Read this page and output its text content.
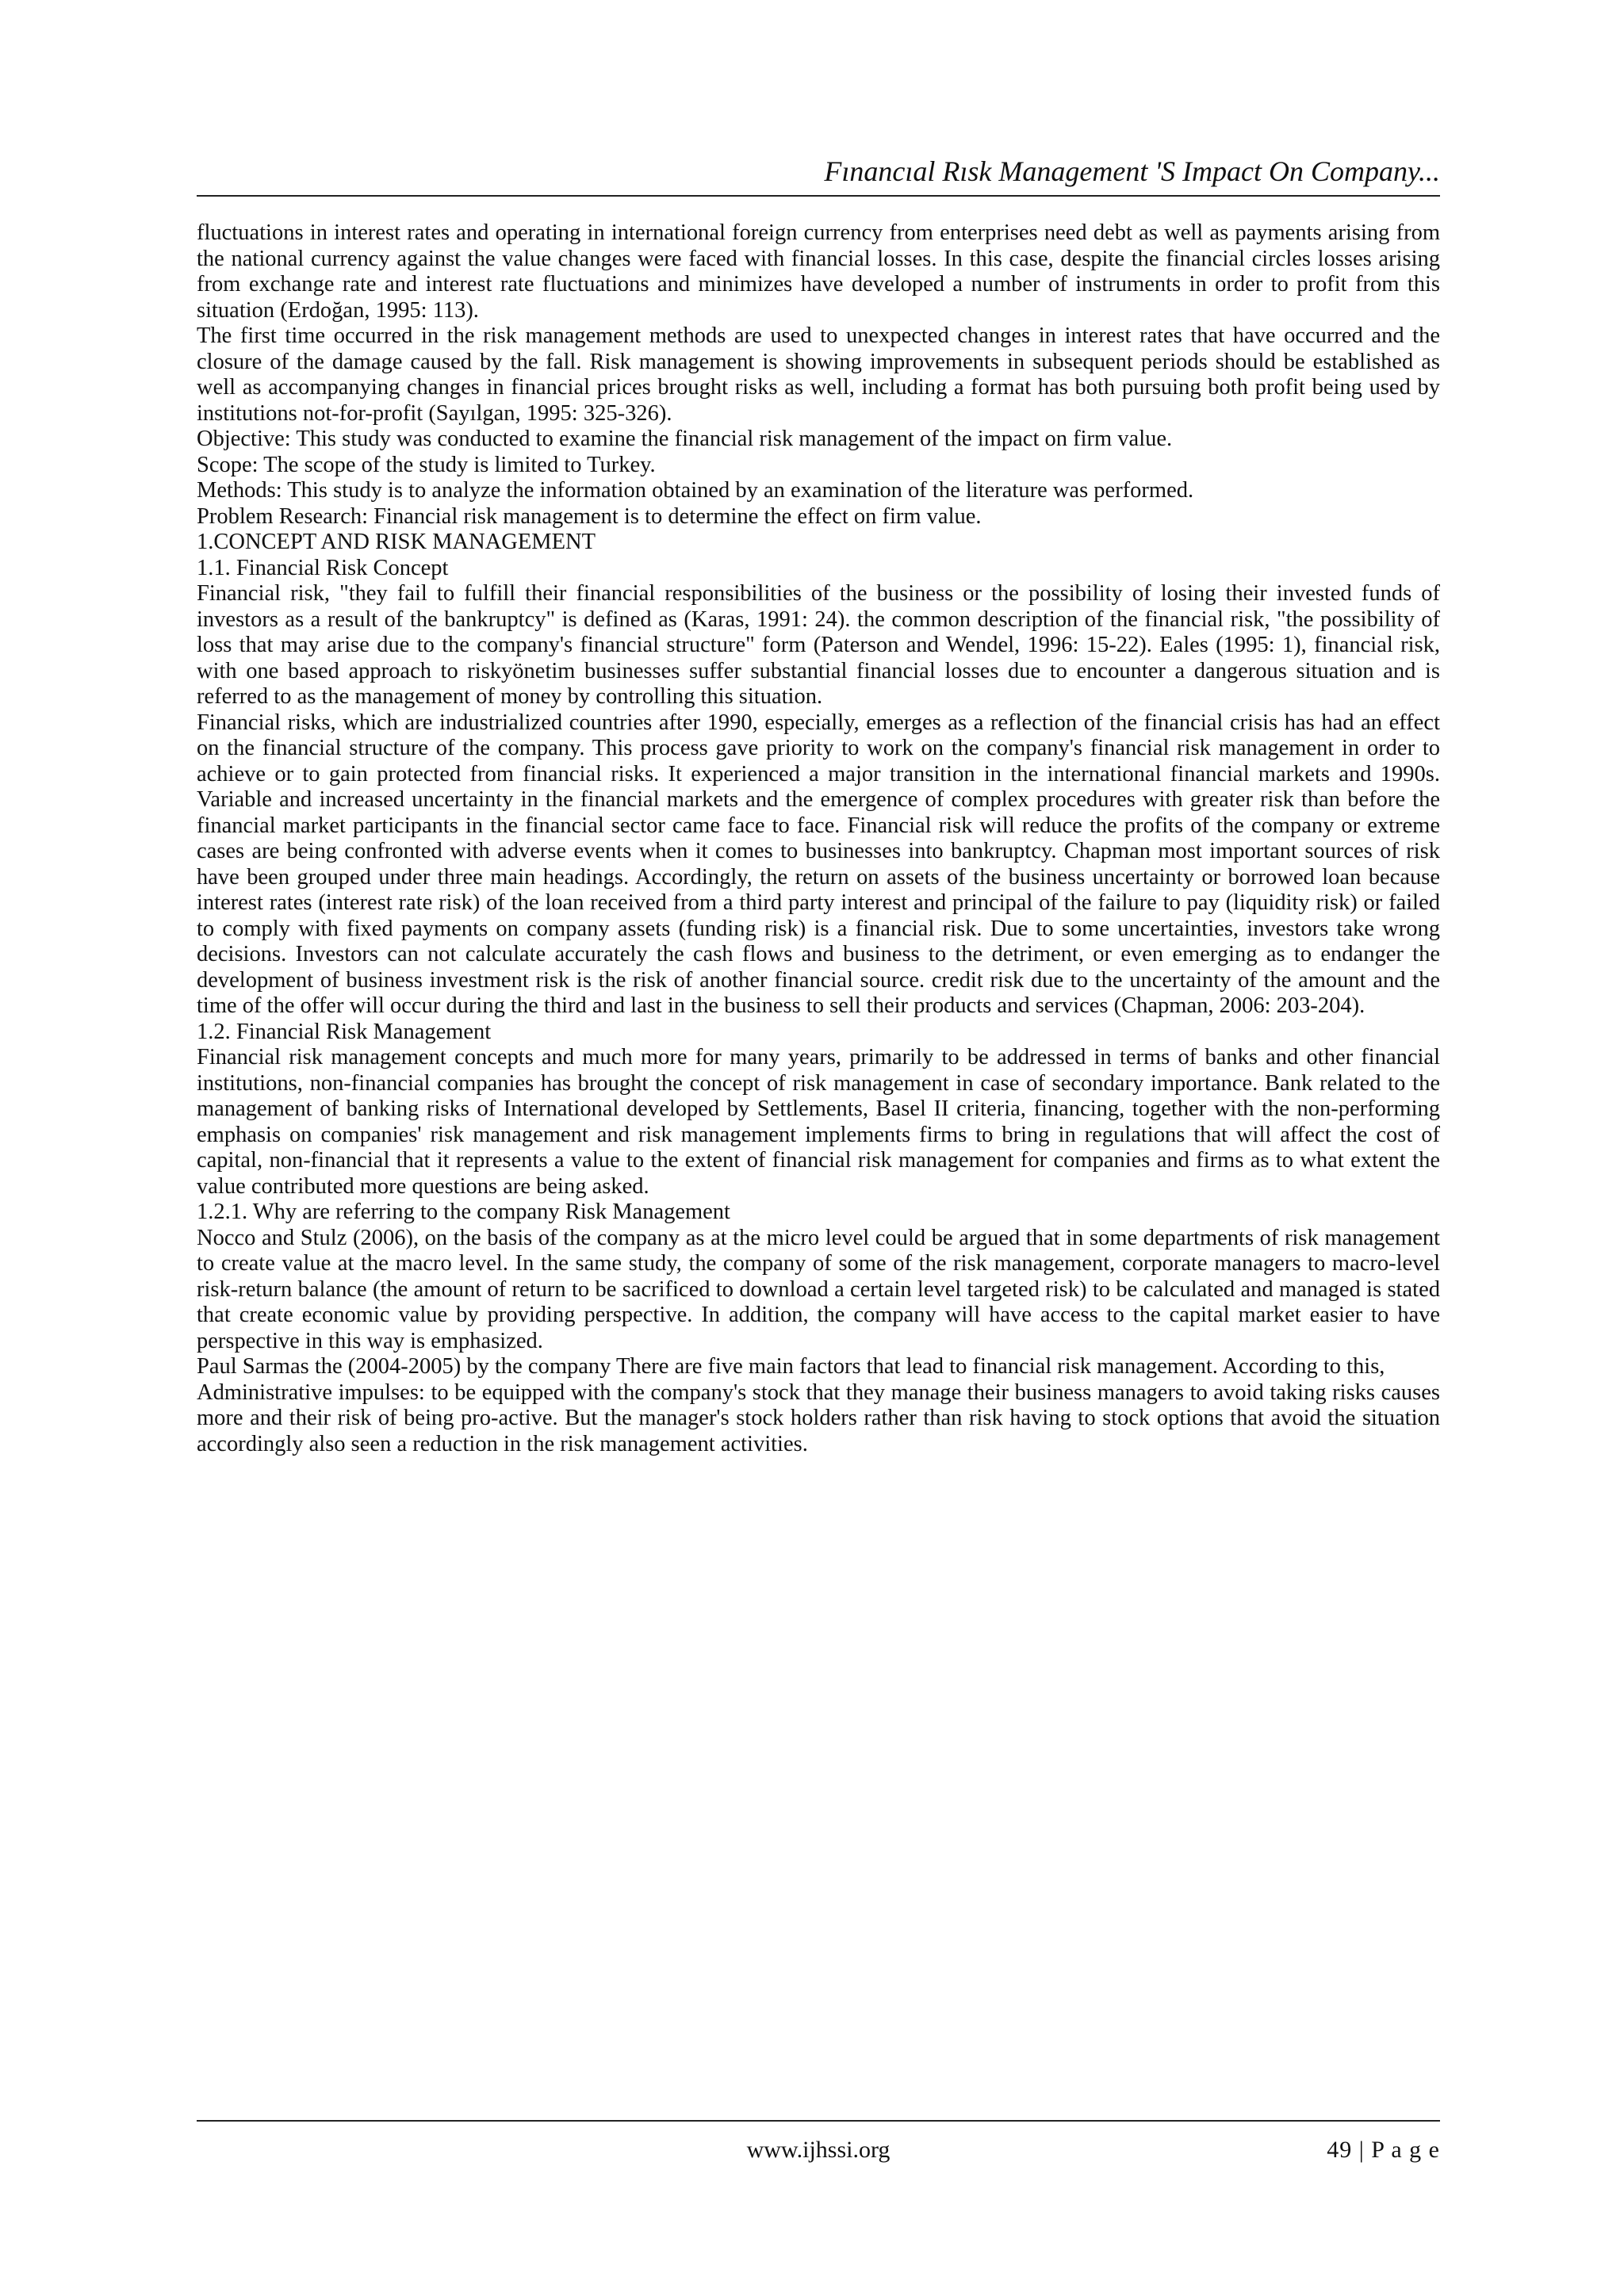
Fınancıal Rısk Management 'S Impact On Company...

fluctuations in interest rates and operating in international foreign currency from enterprises need debt as well as payments arising from the national currency against the value changes were faced with financial losses. In this case, despite the financial circles losses arising from exchange rate and interest rate fluctuations and minimizes have developed a number of instruments in order to profit from this situation (Erdoğan, 1995: 113).

The first time occurred in the risk management methods are used to unexpected changes in interest rates that have occurred and the closure of the damage caused by the fall. Risk management is showing improvements in subsequent periods should be established as well as accompanying changes in financial prices brought risks as well, including a format has both pursuing both profit being used by institutions not-for-profit (Sayılgan, 1995: 325-326).

Objective: This study was conducted to examine the financial risk management of the impact on firm value.

Scope: The scope of the study is limited to Turkey.

Methods: This study is to analyze the information obtained by an examination of the literature was performed.

Problem Research: Financial risk management is to determine the effect on firm value.

1.CONCEPT AND RISK MANAGEMENT

1.1. Financial Risk Concept

Financial risk, "they fail to fulfill their financial responsibilities of the business or the possibility of losing their invested funds of investors as a result of the bankruptcy" is defined as (Karas, 1991: 24). the common description of the financial risk, "the possibility of loss that may arise due to the company's financial structure" form (Paterson and Wendel, 1996: 15-22). Eales (1995: 1), financial risk, with one based approach to riskyönetim businesses suffer substantial financial losses due to encounter a dangerous situation and is referred to as the management of money by controlling this situation.

Financial risks, which are industrialized countries after 1990, especially, emerges as a reflection of the financial crisis has had an effect on the financial structure of the company. This process gave priority to work on the company's financial risk management in order to achieve or to gain protected from financial risks. It experienced a major transition in the international financial markets and 1990s. Variable and increased uncertainty in the financial markets and the emergence of complex procedures with greater risk than before the financial market participants in the financial sector came face to face. Financial risk will reduce the profits of the company or extreme cases are being confronted with adverse events when it comes to businesses into bankruptcy. Chapman most important sources of risk have been grouped under three main headings. Accordingly, the return on assets of the business uncertainty or borrowed loan because interest rates (interest rate risk) of the loan received from a third party interest and principal of the failure to pay (liquidity risk) or failed to comply with fixed payments on company assets (funding risk) is a financial risk. Due to some uncertainties, investors take wrong decisions. Investors can not calculate accurately the cash flows and business to the detriment, or even emerging as to endanger the development of business investment risk is the risk of another financial source. credit risk due to the uncertainty of the amount and the time of the offer will occur during the third and last in the business to sell their products and services (Chapman, 2006: 203-204).

1.2. Financial Risk Management

Financial risk management concepts and much more for many years, primarily to be addressed in terms of banks and other financial institutions, non-financial companies has brought the concept of risk management in case of secondary importance. Bank related to the management of banking risks of International developed by Settlements, Basel II criteria, financing, together with the non-performing emphasis on companies' risk management and risk management implements firms to bring in regulations that will affect the cost of capital, non-financial that it represents a value to the extent of financial risk management for companies and firms as to what extent the value contributed more questions are being asked.

1.2.1. Why are referring to the company Risk Management

Nocco and Stulz (2006), on the basis of the company as at the micro level could be argued that in some departments of risk management to create value at the macro level. In the same study, the company of some of the risk management, corporate managers to macro-level risk-return balance (the amount of return to be sacrificed to download a certain level targeted risk) to be calculated and managed is stated that create economic value by providing perspective. In addition, the company will have access to the capital market easier to have perspective in this way is emphasized.

Paul Sarmas the (2004-2005) by the company There are five main factors that lead to financial risk management. According to this,

Administrative impulses: to be equipped with the company's stock that they manage their business managers to avoid taking risks causes more and their risk of being pro-active. But the manager's stock holders rather than risk having to stock options that avoid the situation accordingly also seen a reduction in the risk management activities.

www.ijhssi.org	49 | P a g e
